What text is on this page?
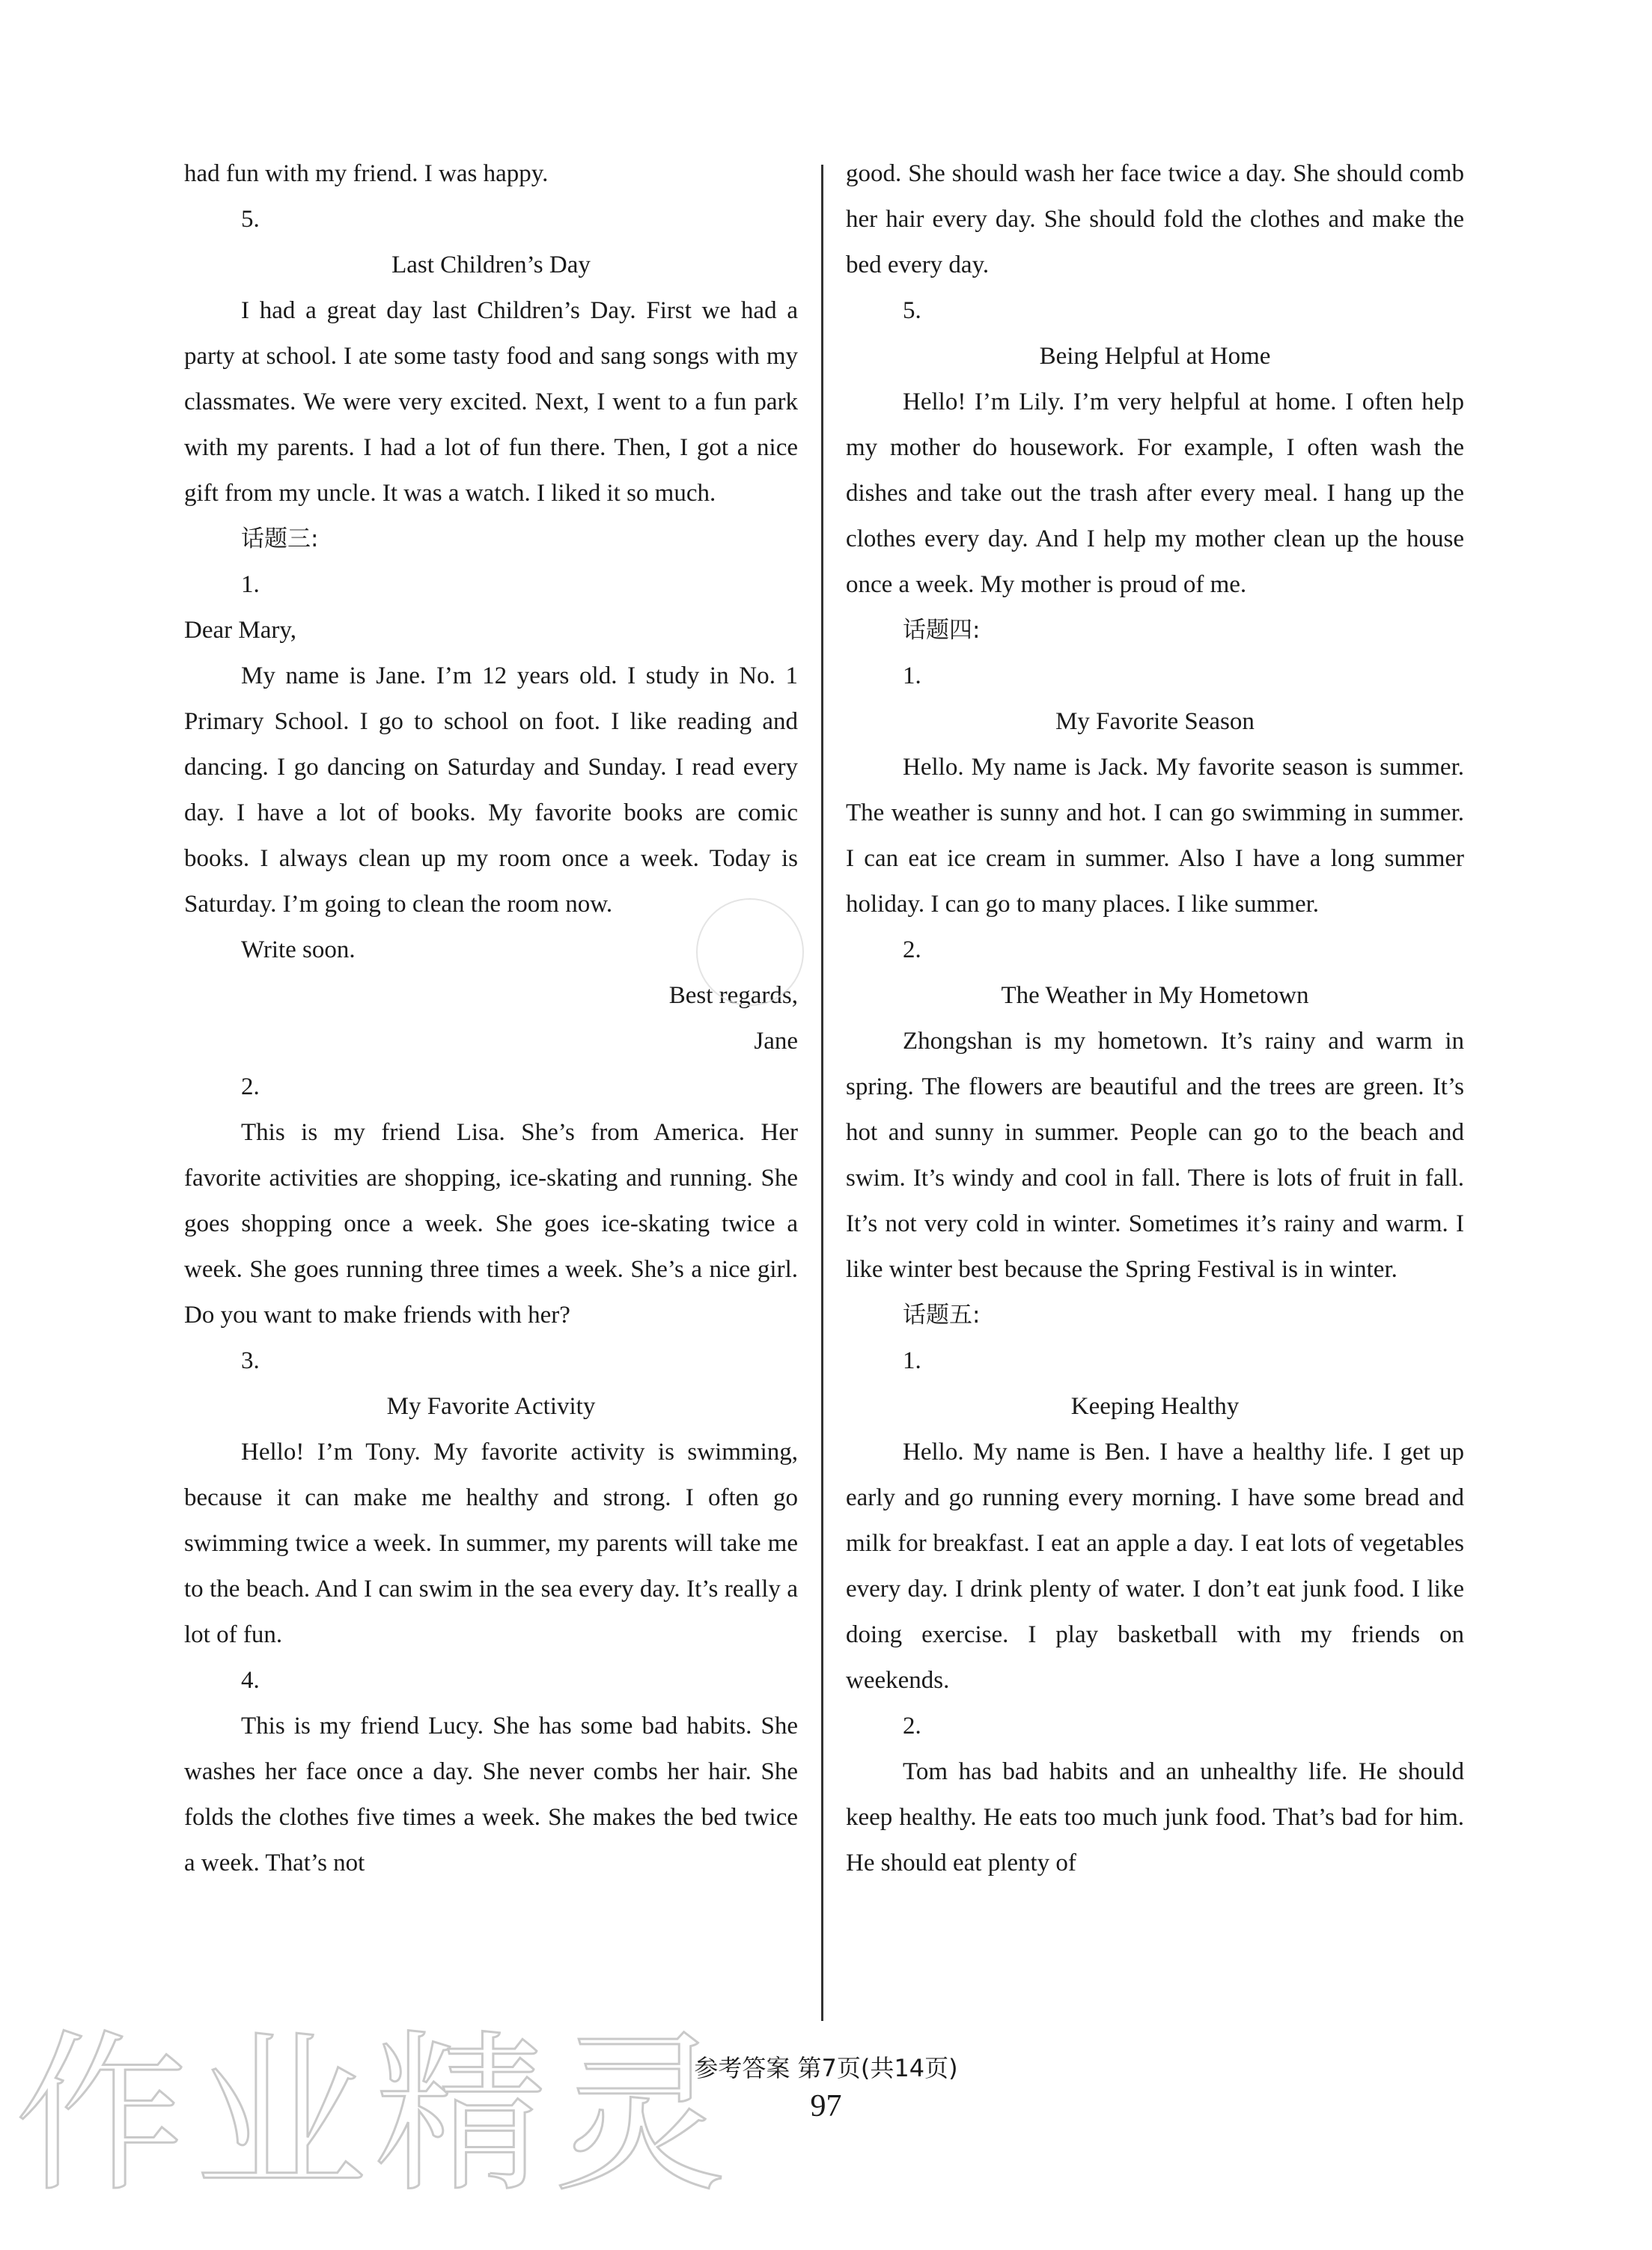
had fun with my friend. I was happy.

5.

Last Children’s Day

I had a great day last Children’s Day. First we had a party at school. I ate some tasty food and sang songs with my classmates. We were very excited. Next, I went to a fun park with my parents. I had a lot of fun there. Then, I got a nice gift from my uncle. It was a watch. I liked it so much.

话题三:

1.

Dear Mary,

My name is Jane. I’m 12 years old. I study in No. 1 Primary School. I go to school on foot. I like reading and dancing. I go dancing on Saturday and Sunday. I read every day. I have a lot of books. My favorite books are comic books. I always clean up my room once a week. Today is Saturday. I’m going to clean the room now.

Write soon.

Best regards,

Jane

2.

This is my friend Lisa. She’s from America. Her favorite activities are shopping, ice-skating and running. She goes shopping once a week. She goes ice-skating twice a week. She goes running three times a week. She’s a nice girl. Do you want to make friends with her?

3.

My Favorite Activity

Hello! I’m Tony. My favorite activity is swimming, because it can make me healthy and strong. I often go swimming twice a week. In summer, my parents will take me to the beach. And I can swim in the sea every day. It’s really a lot of fun.

4.

This is my friend Lucy. She has some bad habits. She washes her face once a day. She never combs her hair. She folds the clothes five times a week. She makes the bed twice a week. That’s not

good. She should wash her face twice a day. She should comb her hair every day. She should fold the clothes and make the bed every day.

5.

Being Helpful at Home

Hello! I’m Lily. I’m very helpful at home. I often help my mother do housework. For example, I often wash the dishes and take out the trash after every meal. I hang up the clothes every day. And I help my mother clean up the house once a week. My mother is proud of me.

话题四:

1.

My Favorite Season

Hello. My name is Jack. My favorite season is summer. The weather is sunny and hot. I can go swimming in summer. I can eat ice cream in summer. Also I have a long summer holiday. I can go to many places. I like summer.

2.

The Weather in My Hometown

Zhongshan is my hometown. It’s rainy and warm in spring. The flowers are beautiful and the trees are green. It’s hot and sunny in summer. People can go to the beach and swim. It’s windy and cool in fall. There is lots of fruit in fall. It’s not very cold in winter. Sometimes it’s rainy and warm. I like winter best because the Spring Festival is in winter.

话题五:

1.

Keeping Healthy

Hello. My name is Ben. I have a healthy life. I get up early and go running every morning. I have some bread and milk for breakfast. I eat an apple a day. I eat lots of vegetables every day. I drink plenty of water. I don’t eat junk food. I like doing exercise. I play basketball with my friends on weekends.

2.

Tom has bad habits and an unhealthy life. He should keep healthy. He eats too much junk food. That’s bad for him. He should eat plenty of

作业精灵
参考答案 第7页(共14页)
97
